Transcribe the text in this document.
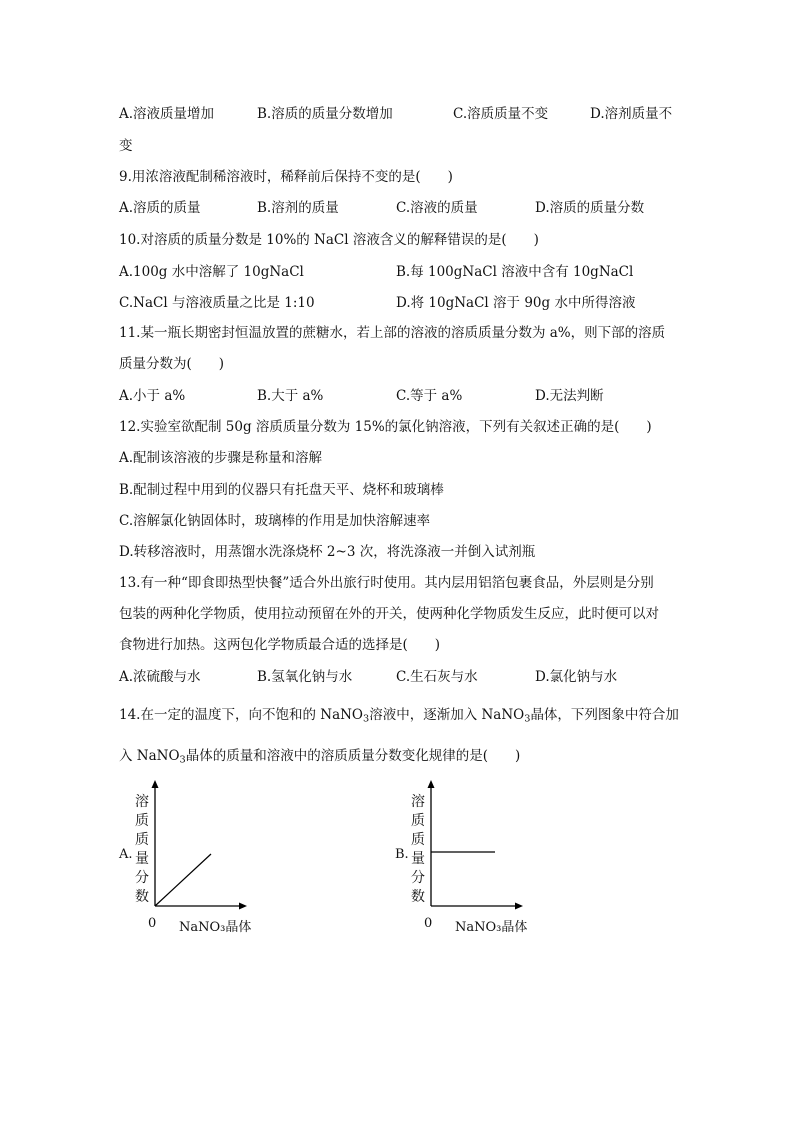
A.溶液质量增加	B.溶质的质量分数增加	C.溶质质量不变	D.溶剂质量不
变
9.用浓溶液配制稀溶液时，稀释前后保持不变的是(　　)
A.溶质的质量	B.溶剂的质量	C.溶液的质量	D.溶质的质量分数
10.对溶质的质量分数是 10%的 NaCl 溶液含义的解释错误的是(　　)
A.100g 水中溶解了 10gNaCl	B.每 100gNaCl 溶液中含有 10gNaCl
C.NaCl 与溶液质量之比是 1:10	D.将 10gNaCl 溶于 90g 水中所得溶液
11.某一瓶长期密封恒温放置的蔗糖水，若上部的溶液的溶质质量分数为 a%，则下部的溶质
质量分数为(　　)
A.小于 a%	B.大于 a%	C.等于 a%	D.无法判断
12.实验室欲配制 50g 溶质质量分数为 15%的氯化钠溶液，下列有关叙述正确的是(　　)
A.配制该溶液的步骤是称量和溶解
B.配制过程中用到的仪器只有托盘天平、烧杯和玻璃棒
C.溶解氯化钠固体时，玻璃棒的作用是加快溶解速率
D.转移溶液时，用蒸馏水洗涤烧杯 2~3 次，将洗涤液一并倒入试剂瓶
13.有一种“即食即热型快餐”适合外出旅行时使用。其内层用铝箔包裹食品，外层则是分别
包装的两种化学物质，使用拉动预留在外的开关，使两种化学物质发生反应，此时便可以对
食物进行加热。这两包化学物质最合适的选择是(　　)
A.浓硫酸与水	B.氢氧化钠与水	C.生石灰与水	D.氯化钠与水
14.在一定的温度下，向不饱和的 NaNO$_3$溶液中，逐渐加入 NaNO$_3$晶体，下列图象中符合加
入 NaNO$_3$晶体的质量和溶液中的溶质质量分数变化规律的是(　　)
A.
溶
质
质
量
分
数
0 NaNO₃晶体
B.
溶
质
质
量
分
数
0 NaNO₃晶体
